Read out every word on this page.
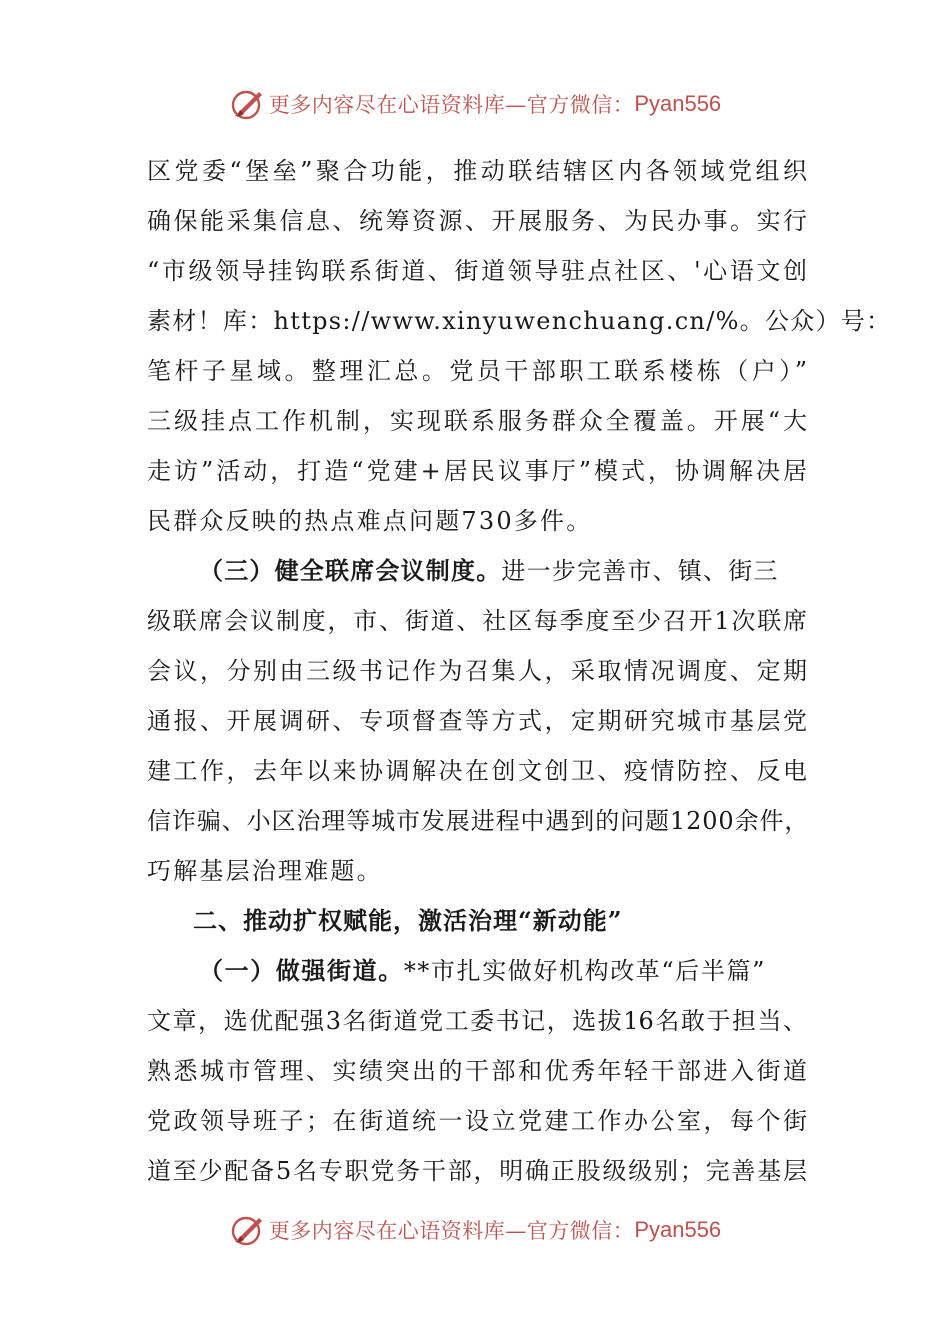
更多内容尽在心语资料库—官方微信： Pyan556
区党委“堡垒”聚合功能，推动联结辖区内各领域党组织
确保能采集信息、统筹资源、开展服务、为民办事。实行
“市级领导挂钩联系街道、街道领导驻点社区、'心语文创
素材！库：https://www.xinyuwenchuang.cn/%。公众）号：
笔杆子星域。整理汇总。党员干部职工联系楼栋（户）”
三级挂点工作机制，实现联系服务群众全覆盖。开展“大
走访”活动，打造“党建+居民议事厅”模式，协调解决居
民群众反映的热点难点问题730多件。
（三）健全联席会议制度。进一步完善市、镇、街三
级联席会议制度，市、街道、社区每季度至少召开1次联席
会议，分别由三级书记作为召集人，采取情况调度、定期
通报、开展调研、专项督查等方式，定期研究城市基层党
建工作，去年以来协调解决在创文创卫、疫情防控、反电
信诈骗、小区治理等城市发展进程中遇到的问题1200余件，
巧解基层治理难题。
二、推动扩权赋能，激活治理“新动能”
（一）做强街道。**市扎实做好机构改革“后半篇”
文章，选优配强3名街道党工委书记，选拔16名敢于担当、
熟悉城市管理、实绩突出的干部和优秀年轻干部进入街道
党政领导班子；在街道统一设立党建工作办公室，每个街
道至少配备5名专职党务干部，明确正股级级别；完善基层
更多内容尽在心语资料库—官方微信： Pyan556
